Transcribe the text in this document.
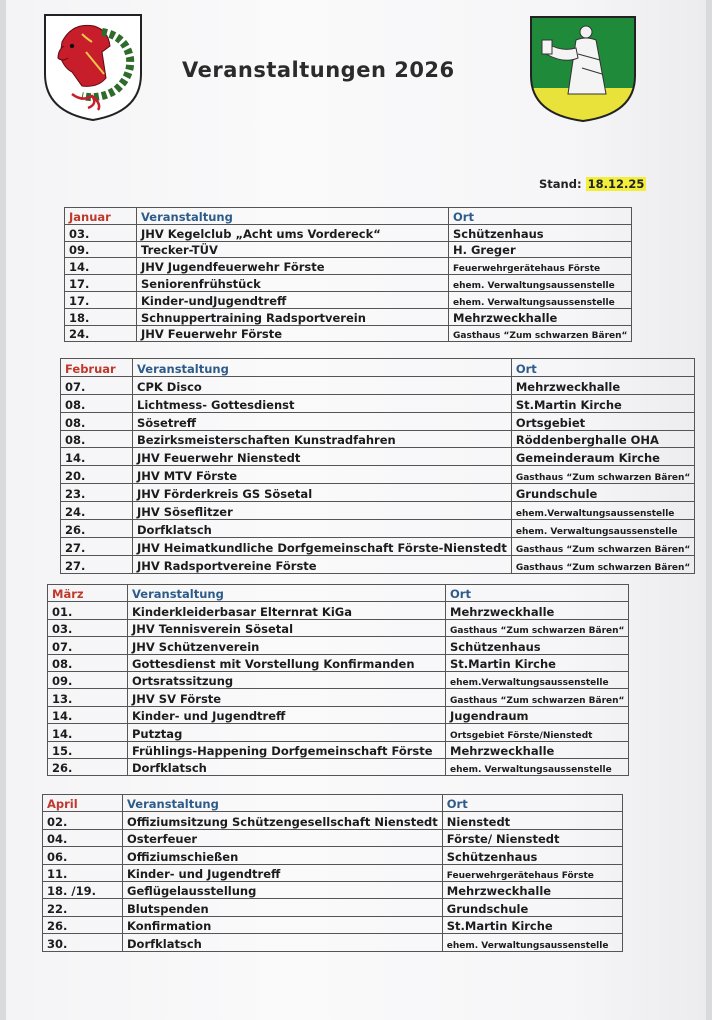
Veranstaltungen 2026
Stand: 18.12.25
Januar	Veranstaltung	Ort
03.	JHV Kegelclub „Acht ums Vordereck“	Schützenhaus
09.	Trecker-TÜV	H. Greger
14.	JHV Jugendfeuerwehr Förste	Feuerwehrgerätehaus Förste
17.	Seniorenfrühstück	ehem. Verwaltungsaussenstelle
17.	Kinder-undJugendtreff	ehem. Verwaltungsaussenstelle
18.	Schnuppertraining Radsportverein	Mehrzweckhalle
24.	JHV Feuerwehr Förste	Gasthaus “Zum schwarzen Bären“
Februar	Veranstaltung	Ort
07.	CPK Disco	Mehrzweckhalle
08.	Lichtmess- Gottesdienst	St.Martin Kirche
08.	Sösetreff	Ortsgebiet
08.	Bezirksmeisterschaften Kunstradfahren	Röddenberghalle OHA
14.	JHV Feuerwehr Nienstedt	Gemeinderaum Kirche
20.	JHV MTV Förste	Gasthaus “Zum schwarzen Bären“
23.	JHV Förderkreis GS Sösetal	Grundschule
24.	JHV Söseflitzer	ehem.Verwaltungsaussenstelle
26.	Dorfklatsch	ehem. Verwaltungsaussenstelle
27.	JHV Heimatkundliche Dorfgemeinschaft Förste-Nienstedt	Gasthaus “Zum schwarzen Bären“
27.	JHV Radsportvereine Förste	Gasthaus “Zum schwarzen Bären“
März	Veranstaltung	Ort
01.	Kinderkleiderbasar Elternrat KiGa	Mehrzweckhalle
03.	JHV Tennisverein Sösetal	Gasthaus “Zum schwarzen Bären“
07.	JHV Schützenverein	Schützenhaus
08.	Gottesdienst mit Vorstellung Konfirmanden	St.Martin Kirche
09.	Ortsratssitzung	ehem.Verwaltungsaussenstelle
13.	JHV SV Förste	Gasthaus “Zum schwarzen Bären“
14.	Kinder- und Jugendtreff	Jugendraum
14.	Putztag	Ortsgebiet Förste/Nienstedt
15.	Frühlings-Happening Dorfgemeinschaft Förste	Mehrzweckhalle
26.	Dorfklatsch	ehem. Verwaltungsaussenstelle
April	Veranstaltung	Ort
02.	Offiziumsitzung Schützengesellschaft Nienstedt	Nienstedt
04.	Osterfeuer	Förste/ Nienstedt
06.	Offiziumschießen	Schützenhaus
11.	Kinder- und Jugendtreff	Feuerwehrgerätehaus Förste
18. /19.	Geflügelausstellung	Mehrzweckhalle
22.	Blutspenden	Grundschule
26.	Konfirmation	St.Martin Kirche
30.	Dorfklatsch	ehem. Verwaltungsaussenstelle
